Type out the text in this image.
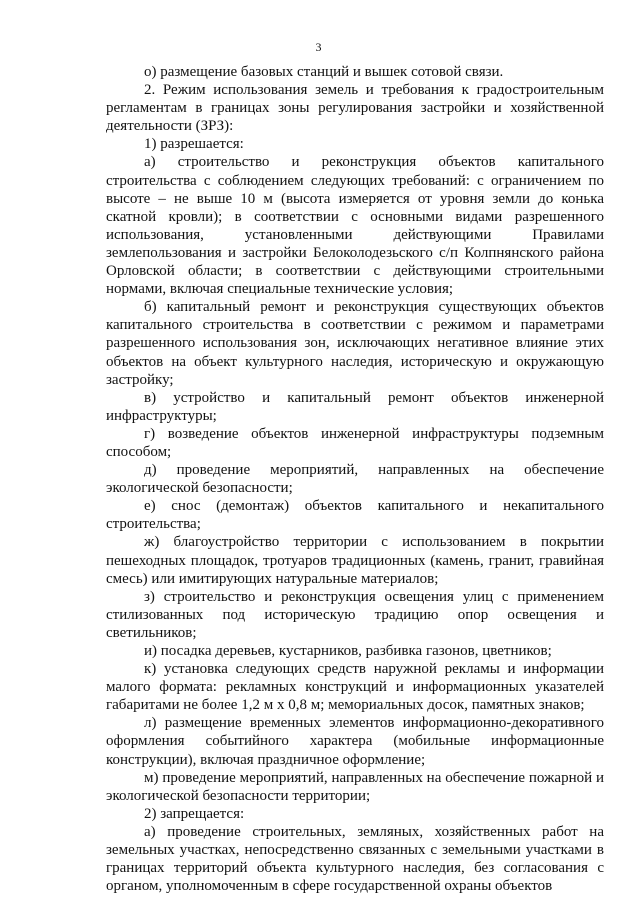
3

о) размещение базовых станций и вышек сотовой связи.

2. Режим использования земель и требования к градостроительным регламентам в границах зоны регулирования застройки и хозяйственной деятельности (ЗРЗ):

1) разрешается:

а) строительство и реконструкция объектов капитального строительства с соблюдением следующих требований: с ограничением по высоте – не выше 10 м (высота измеряется от уровня земли до конька скатной кровли); в соответствии с основными видами разрешенного использования, установленными действующими Правилами землепользования и застройки Белоколодезьского с/п Колпнянского района Орловской области; в соответствии с действующими строительными нормами, включая специальные технические условия;

б) капитальный ремонт и реконструкция существующих объектов капитального строительства в соответствии с режимом и параметрами разрешенного использования зон, исключающих негативное влияние этих объектов на объект культурного наследия, историческую и окружающую застройку;

в) устройство и капитальный ремонт объектов инженерной инфраструктуры;

г) возведение объектов инженерной инфраструктуры подземным способом;

д) проведение мероприятий, направленных на обеспечение экологической безопасности;

е) снос (демонтаж) объектов капитального и некапитального строительства;

ж) благоустройство территории с использованием в покрытии пешеходных площадок, тротуаров традиционных (камень, гранит, гравийная смесь) или имитирующих натуральные материалов;

з) строительство и реконструкция освещения улиц с применением стилизованных под историческую традицию опор освещения и светильников;

и) посадка деревьев, кустарников, разбивка газонов, цветников;

к) установка следующих средств наружной рекламы и информации малого формата: рекламных конструкций и информационных указателей габаритами не более 1,2 м х 0,8 м; мемориальных досок, памятных знаков;

л) размещение временных элементов информационно-декоративного оформления событийного характера (мобильные информационные конструкции), включая праздничное оформление;

м) проведение мероприятий, направленных на обеспечение пожарной и экологической безопасности территории;

2) запрещается:

а) проведение строительных, земляных, хозяйственных работ на земельных участках, непосредственно связанных с земельными участками в границах территорий объекта культурного наследия, без согласования с органом, уполномоченным в сфере государственной охраны объектов
